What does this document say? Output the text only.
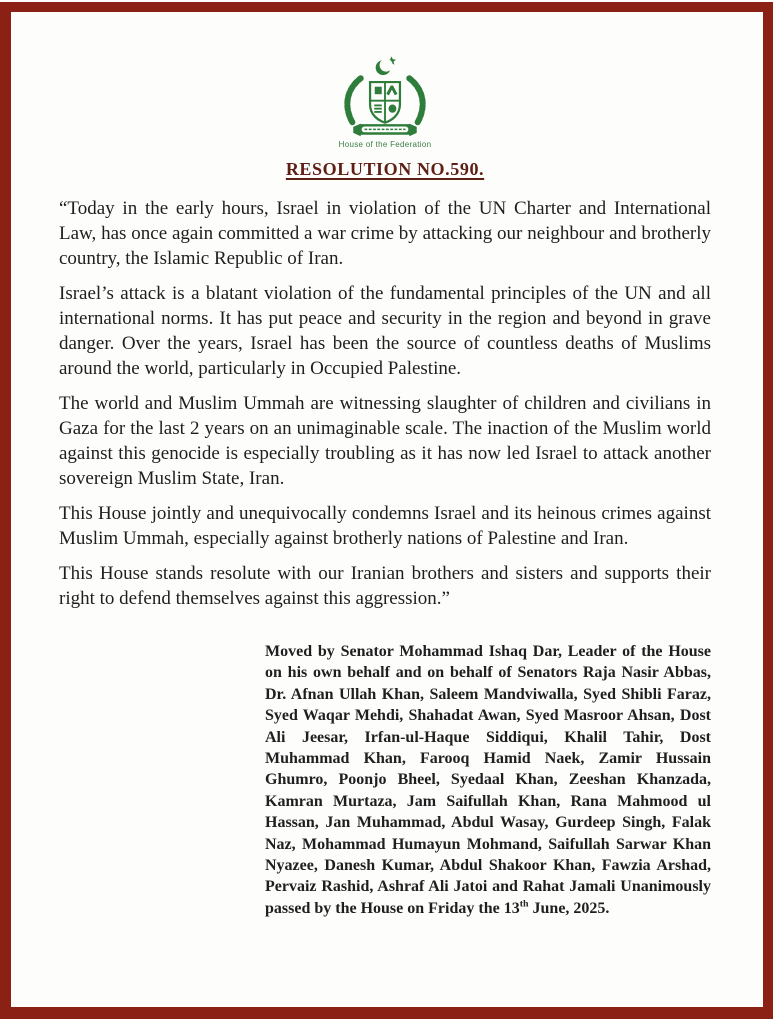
House of the Federation
RESOLUTION NO.590.

“Today in the early hours, Israel in violation of the UN Charter and International Law, has once again committed a war crime by attacking our neighbour and brotherly country, the Islamic Republic of Iran.

Israel’s attack is a blatant violation of the fundamental principles of the UN and all international norms. It has put peace and security in the region and beyond in grave danger. Over the years, Israel has been the source of countless deaths of Muslims around the world, particularly in Occupied Palestine.

The world and Muslim Ummah are witnessing slaughter of children and civilians in Gaza for the last 2 years on an unimaginable scale. The inaction of the Muslim world against this genocide is especially troubling as it has now led Israel to attack another sovereign Muslim State, Iran.

This House jointly and unequivocally condemns Israel and its heinous crimes against Muslim Ummah, especially against brotherly nations of Palestine and Iran.

This House stands resolute with our Iranian brothers and sisters and supports their right to defend themselves against this aggression.”

Moved by Senator Mohammad Ishaq Dar, Leader of the House on his own behalf and on behalf of Senators Raja Nasir Abbas, Dr. Afnan Ullah Khan, Saleem Mandviwalla, Syed Shibli Faraz, Syed Waqar Mehdi, Shahadat Awan, Syed Masroor Ahsan, Dost Ali Jeesar, Irfan-ul-Haque Siddiqui, Khalil Tahir, Dost Muhammad Khan, Farooq Hamid Naek, Zamir Hussain Ghumro, Poonjo Bheel, Syedaal Khan, Zeeshan Khanzada, Kamran Murtaza, Jam Saifullah Khan, Rana Mahmood ul Hassan, Jan Muhammad, Abdul Wasay, Gurdeep Singh, Falak Naz, Mohammad Humayun Mohmand, Saifullah Sarwar Khan Nyazee, Danesh Kumar, Abdul Shakoor Khan, Fawzia Arshad, Pervaiz Rashid, Ashraf Ali Jatoi and Rahat Jamali Unanimously passed by the House on Friday the 13th June, 2025.
